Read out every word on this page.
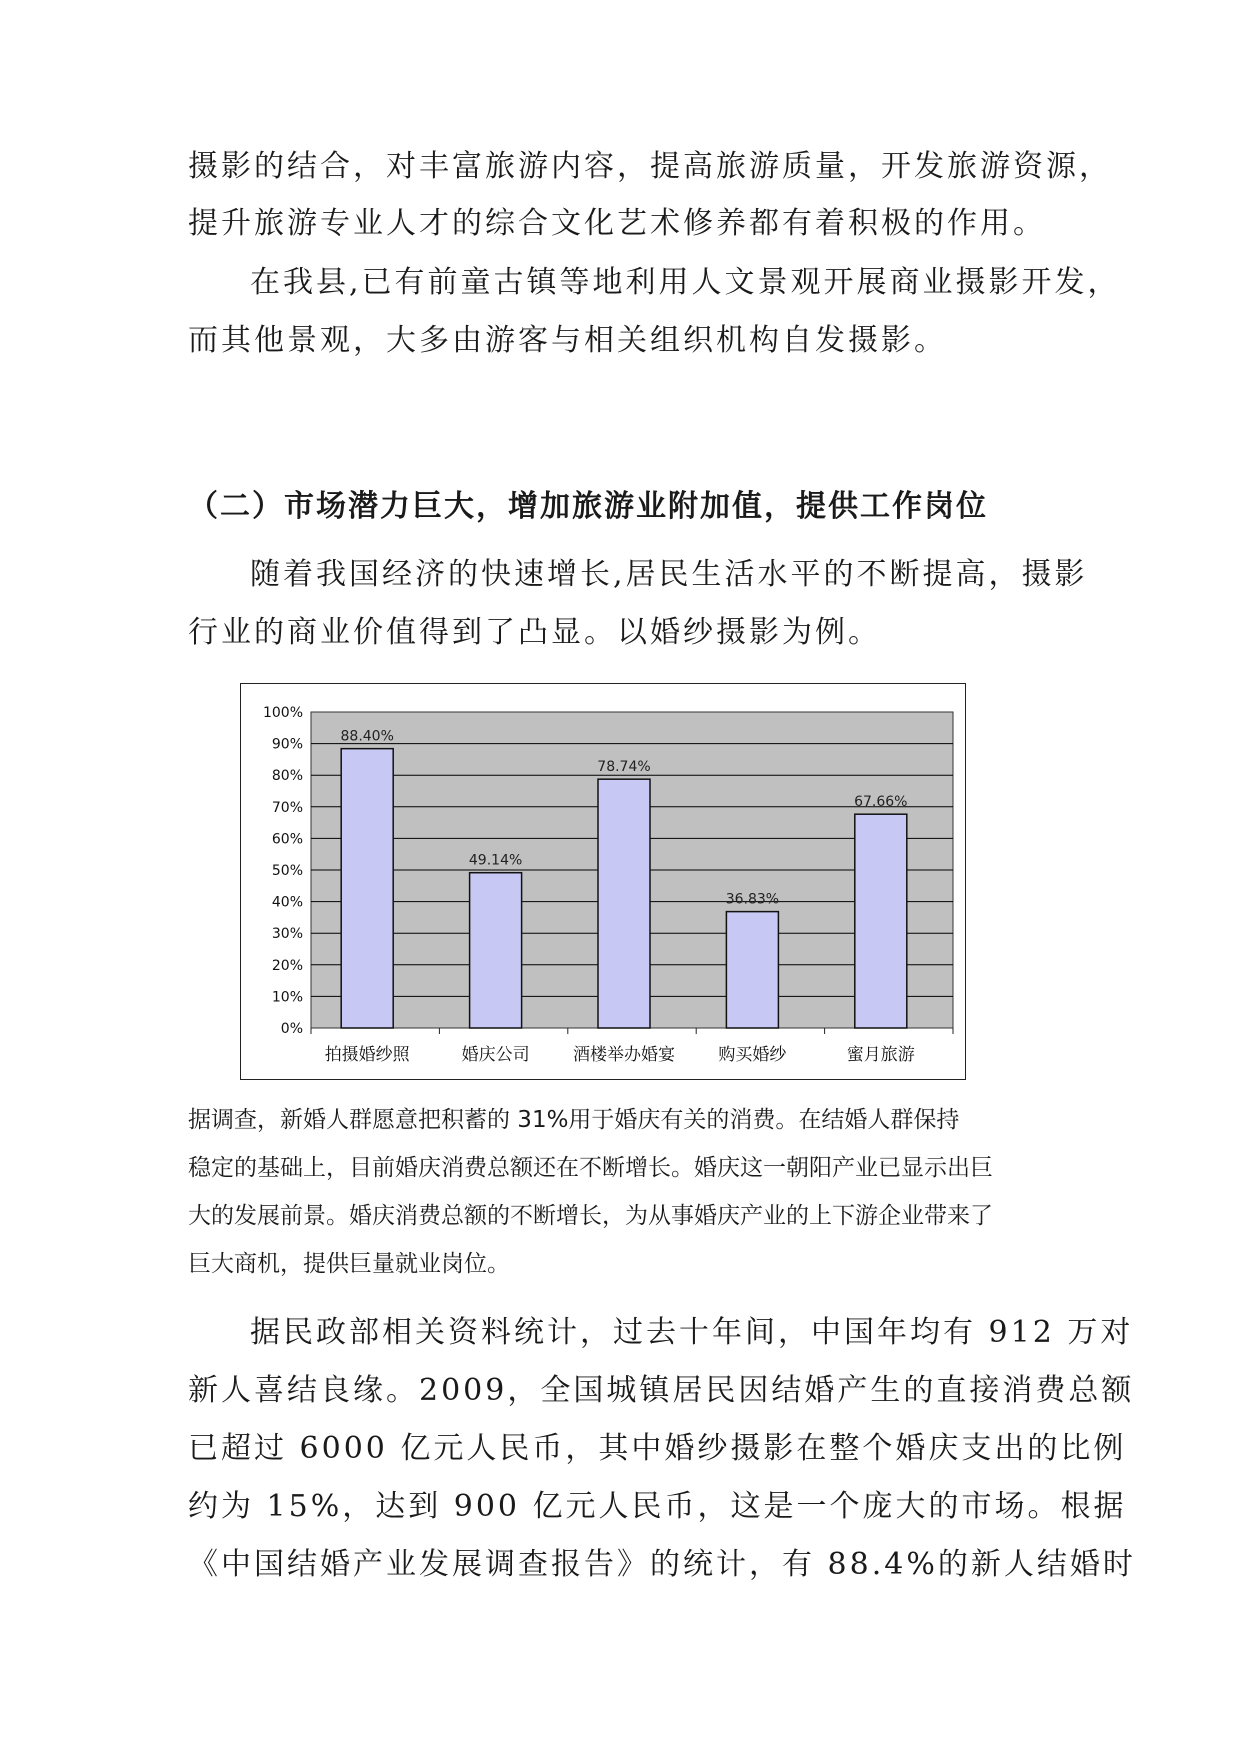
摄影的结合，对丰富旅游内容，提高旅游质量，开发旅游资源，
提升旅游专业人才的综合文化艺术修养都有着积极的作用。
在我县,已有前童古镇等地利用人文景观开展商业摄影开发，
而其他景观，大多由游客与相关组织机构自发摄影。
（二）市场潜力巨大，增加旅游业附加值，提供工作岗位
随着我国经济的快速增长,居民生活水平的不断提高，摄影
行业的商业价值得到了凸显。以婚纱摄影为例。
0%
10%
20%
30%
40%
50%
60%
70%
80%
90%
100%
88.40%
拍摄婚纱照
49.14%
婚庆公司
78.74%
酒楼举办婚宴
36.83%
购买婚纱
67.66%
蜜月旅游
据调查，新婚人群愿意把积蓄的 31%用于婚庆有关的消费。在结婚人群保持
稳定的基础上，目前婚庆消费总额还在不断增长。婚庆这一朝阳产业已显示出巨
大的发展前景。婚庆消费总额的不断增长，为从事婚庆产业的上下游企业带来了
巨大商机，提供巨量就业岗位。
据民政部相关资料统计，过去十年间，中国年均有 912 万对
新人喜结良缘。2009，全国城镇居民因结婚产生的直接消费总额
已超过 6000 亿元人民币，其中婚纱摄影在整个婚庆支出的比例
约为 15%，达到 900 亿元人民币，这是一个庞大的市场。根据
《中国结婚产业发展调查报告》的统计，有 88.4%的新人结婚时
